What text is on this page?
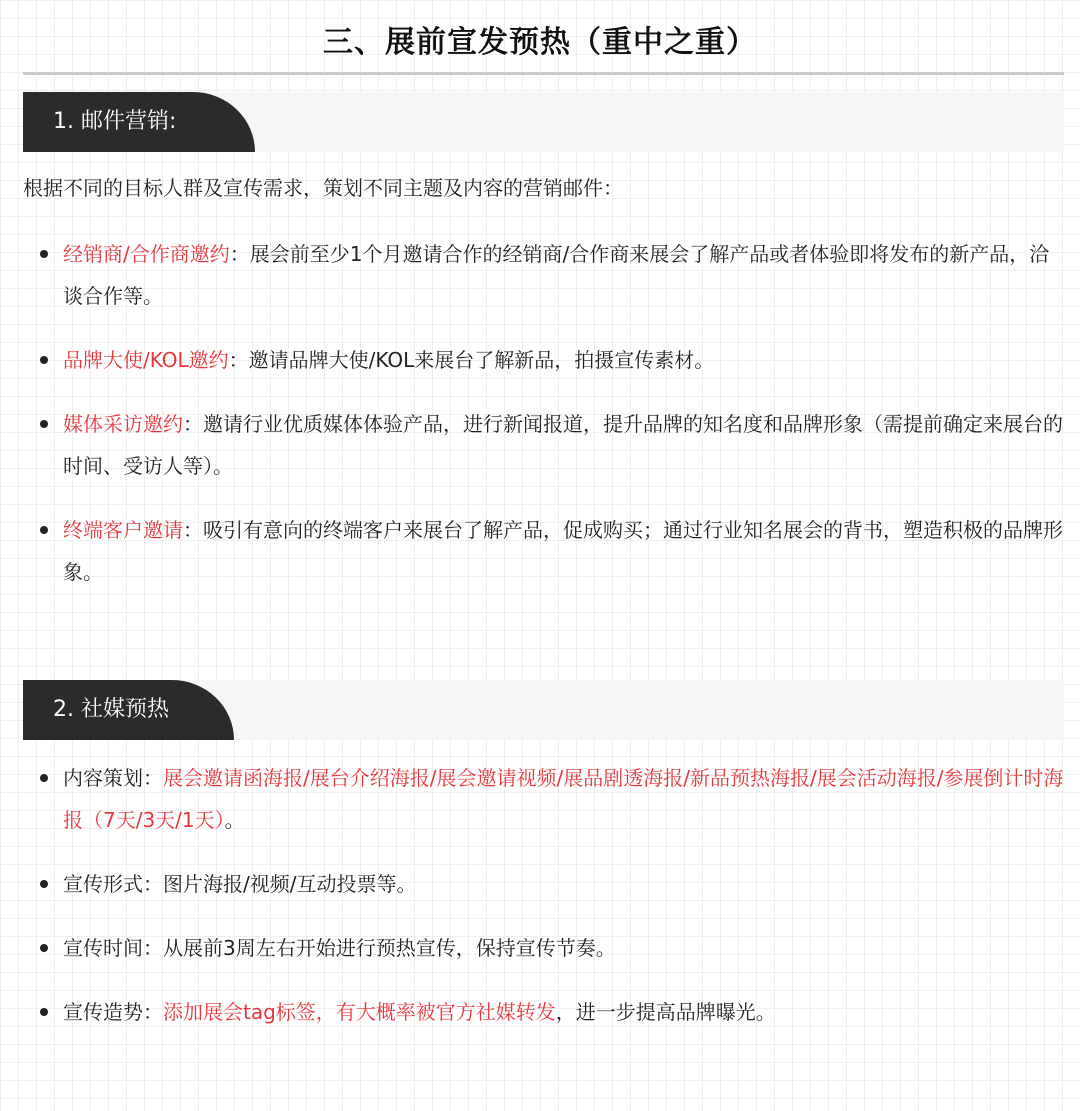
三、展前宣发预热（重中之重）
1. 邮件营销:
根据不同的目标人群及宣传需求，策划不同主题及内容的营销邮件：
经销商/合作商邀约：展会前至少1个月邀请合作的经销商/合作商来展会了解产品或者体验即将发布的新产品，洽谈合作等。
品牌大使/KOL邀约：邀请品牌大使/KOL来展台了解新品，拍摄宣传素材。
媒体采访邀约：邀请行业优质媒体体验产品，进行新闻报道，提升品牌的知名度和品牌形象（需提前确定来展台的时间、受访人等）。
终端客户邀请：吸引有意向的终端客户来展台了解产品，促成购买；通过行业知名展会的背书，塑造积极的品牌形象。
2. 社媒预热
内容策划：展会邀请函海报/展台介绍海报/展会邀请视频/展品剧透海报/新品预热海报/展会活动海报/参展倒计时海报（7天/3天/1天）。
宣传形式：图片海报/视频/互动投票等。
宣传时间：从展前3周左右开始进行预热宣传，保持宣传节奏。
宣传造势：添加展会tag标签，有大概率被官方社媒转发，进一步提高品牌曝光。
